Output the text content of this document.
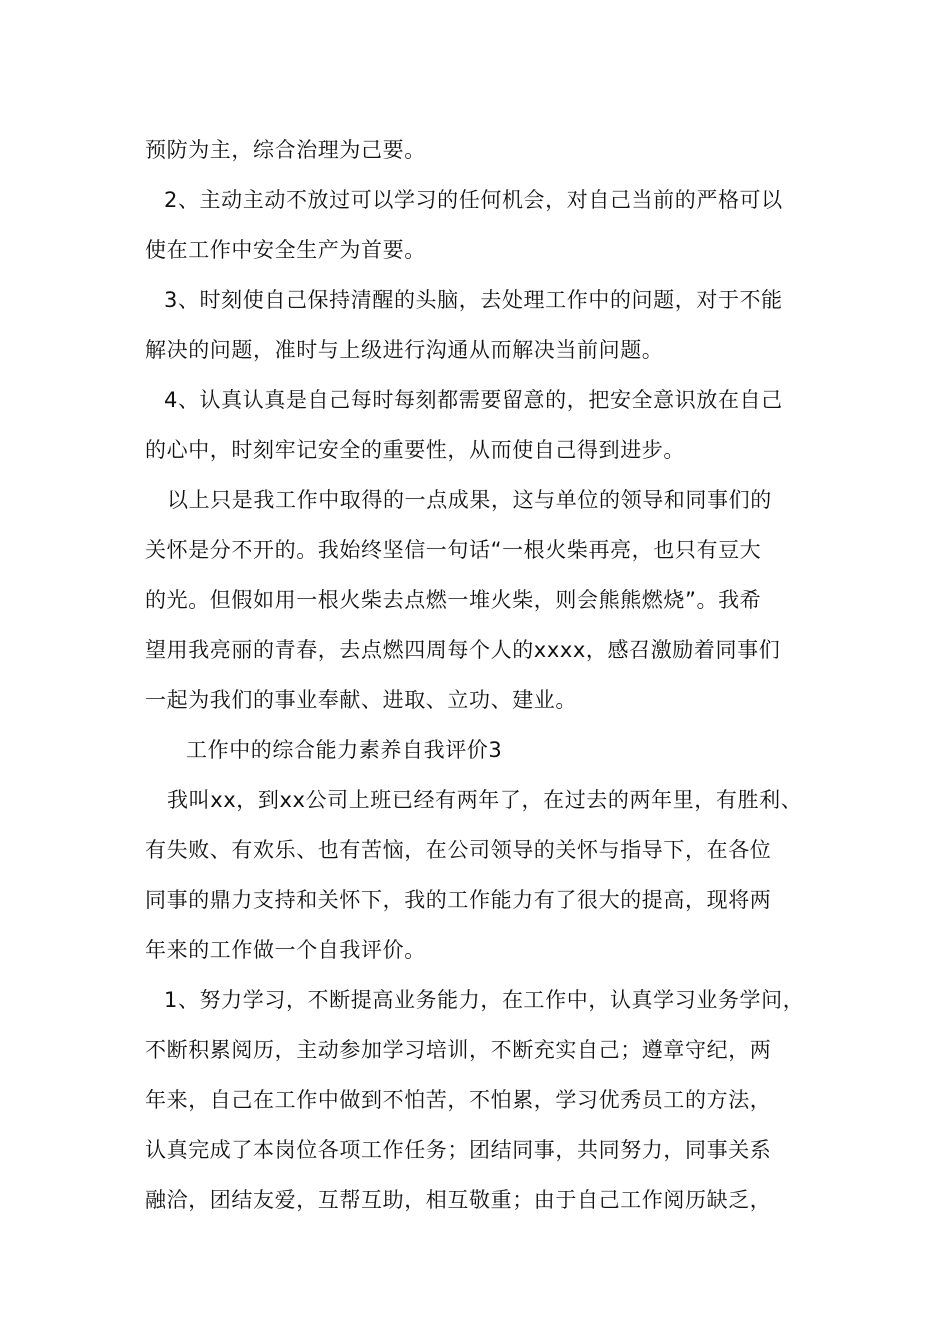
预防为主，综合治理为己要。
2、主动主动不放过可以学习的任何机会，对自己当前的严格可以
使在工作中安全生产为首要。
3、时刻使自己保持清醒的头脑，去处理工作中的问题，对于不能
解决的问题，准时与上级进行沟通从而解决当前问题。
4、认真认真是自己每时每刻都需要留意的，把安全意识放在自己
的心中，时刻牢记安全的重要性，从而使自己得到进步。
以上只是我工作中取得的一点成果，这与单位的领导和同事们的
关怀是分不开的。我始终坚信一句话“一根火柴再亮，也只有豆大
的光。但假如用一根火柴去点燃一堆火柴，则会熊熊燃烧”。我希
望用我亮丽的青春，去点燃四周每个人的xxxx，感召激励着同事们
一起为我们的事业奉献、进取、立功、建业。
工作中的综合能力素养自我评价3
我叫xx，到xx公司上班已经有两年了，在过去的两年里，有胜利、
有失败、有欢乐、也有苦恼，在公司领导的关怀与指导下，在各位
同事的鼎力支持和关怀下，我的工作能力有了很大的提高，现将两
年来的工作做一个自我评价。
1、努力学习，不断提高业务能力，在工作中，认真学习业务学问，
不断积累阅历，主动参加学习培训，不断充实自己；遵章守纪，两
年来，自己在工作中做到不怕苦，不怕累，学习优秀员工的方法，
认真完成了本岗位各项工作任务；团结同事，共同努力，同事关系
融洽，团结友爱，互帮互助，相互敬重；由于自己工作阅历缺乏，
